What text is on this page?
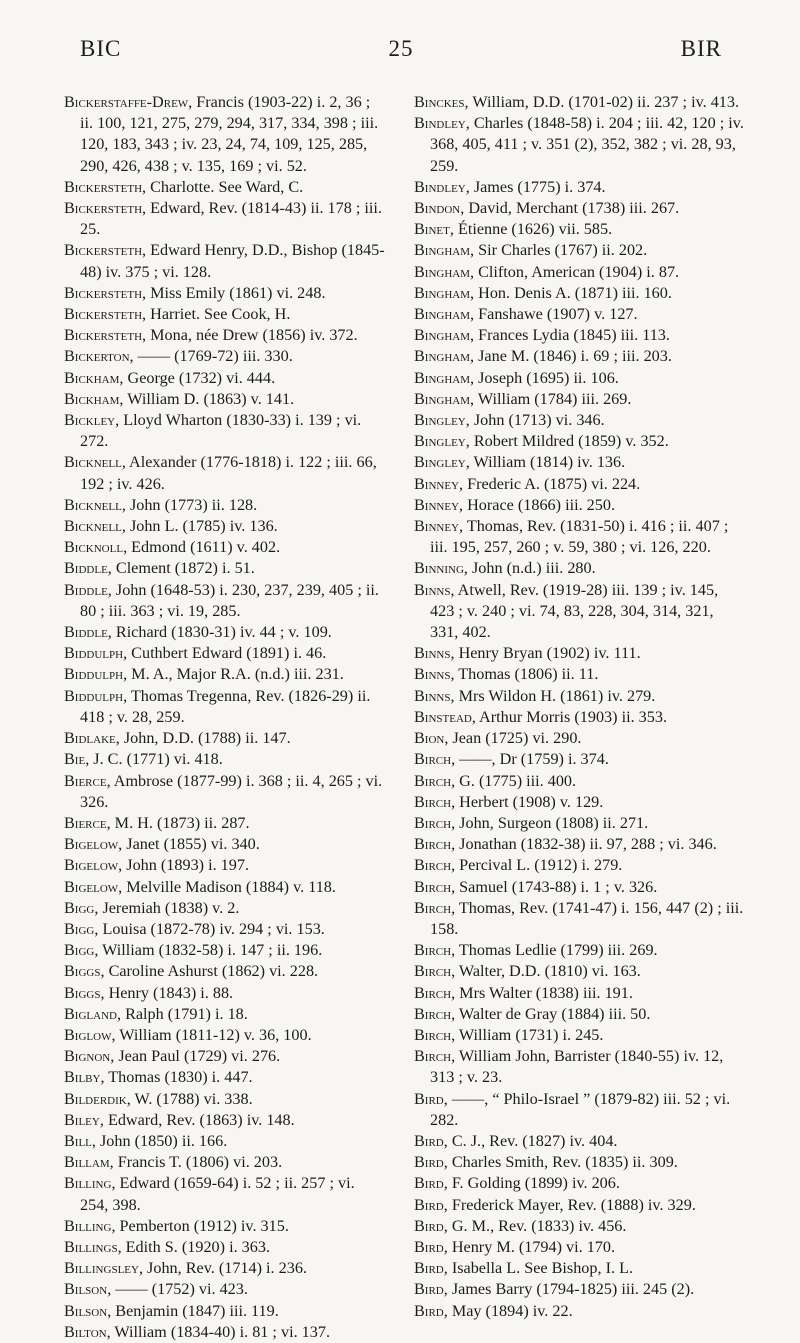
BIC	25	BIR

Bickerstaffe-Drew, Francis (1903-22) i. 2, 36 ; ii. 100, 121, 275, 279, 294, 317, 334, 398 ; iii. 120, 183, 343 ; iv. 23, 24, 74, 109, 125, 285, 290, 426, 438 ; v. 135, 169 ; vi. 52.

Bickersteth, Charlotte. See Ward, C.

Bickersteth, Edward, Rev. (1814-43) ii. 178 ; iii. 25.

Bickersteth, Edward Henry, D.D., Bishop (1845-48) iv. 375 ; vi. 128.

Bickersteth, Miss Emily (1861) vi. 248.

Bickersteth, Harriet. See Cook, H.

Bickersteth, Mona, née Drew (1856) iv. 372.

Bickerton, —— (1769-72) iii. 330.

Bickham, George (1732) vi. 444.

Bickham, William D. (1863) v. 141.

Bickley, Lloyd Wharton (1830-33) i. 139 ; vi. 272.

Bicknell, Alexander (1776-1818) i. 122 ; iii. 66, 192 ; iv. 426.

Bicknell, John (1773) ii. 128.

Bicknell, John L. (1785) iv. 136.

Bicknoll, Edmond (1611) v. 402.

Biddle, Clement (1872) i. 51.

Biddle, John (1648-53) i. 230, 237, 239, 405 ; ii. 80 ; iii. 363 ; vi. 19, 285.

Biddle, Richard (1830-31) iv. 44 ; v. 109.

Biddulph, Cuthbert Edward (1891) i. 46.

Biddulph, M. A., Major R.A. (n.d.) iii. 231.

Biddulph, Thomas Tregenna, Rev. (1826-29) ii. 418 ; v. 28, 259.

Bidlake, John, D.D. (1788) ii. 147.

Bie, J. C. (1771) vi. 418.

Bierce, Ambrose (1877-99) i. 368 ; ii. 4, 265 ; vi. 326.

Bierce, M. H. (1873) ii. 287.

Bigelow, Janet (1855) vi. 340.

Bigelow, John (1893) i. 197.

Bigelow, Melville Madison (1884) v. 118.

Bigg, Jeremiah (1838) v. 2.

Bigg, Louisa (1872-78) iv. 294 ; vi. 153.

Bigg, William (1832-58) i. 147 ; ii. 196.

Biggs, Caroline Ashurst (1862) vi. 228.

Biggs, Henry (1843) i. 88.

Bigland, Ralph (1791) i. 18.

Biglow, William (1811-12) v. 36, 100.

Bignon, Jean Paul (1729) vi. 276.

Bilby, Thomas (1830) i. 447.

Bilderdik, W. (1788) vi. 338.

Biley, Edward, Rev. (1863) iv. 148.

Bill, John (1850) ii. 166.

Billam, Francis T. (1806) vi. 203.

Billing, Edward (1659-64) i. 52 ; ii. 257 ; vi. 254, 398.

Billing, Pemberton (1912) iv. 315.

Billings, Edith S. (1920) i. 363.

Billingsley, John, Rev. (1714) i. 236.

Bilson, —— (1752) vi. 423.

Bilson, Benjamin (1847) iii. 119.

Bilton, William (1834-40) i. 81 ; vi. 137.

Binckes, William, D.D. (1701-02) ii. 237 ; iv. 413.

Bindley, Charles (1848-58) i. 204 ; iii. 42, 120 ; iv. 368, 405, 411 ; v. 351 (2), 352, 382 ; vi. 28, 93, 259.

Bindley, James (1775) i. 374.

Bindon, David, Merchant (1738) iii. 267.

Binet, Étienne (1626) vii. 585.

Bingham, Sir Charles (1767) ii. 202.

Bingham, Clifton, American (1904) i. 87.

Bingham, Hon. Denis A. (1871) iii. 160.

Bingham, Fanshawe (1907) v. 127.

Bingham, Frances Lydia (1845) iii. 113.

Bingham, Jane M. (1846) i. 69 ; iii. 203.

Bingham, Joseph (1695) ii. 106.

Bingham, William (1784) iii. 269.

Bingley, John (1713) vi. 346.

Bingley, Robert Mildred (1859) v. 352.

Bingley, William (1814) iv. 136.

Binney, Frederic A. (1875) vi. 224.

Binney, Horace (1866) iii. 250.

Binney, Thomas, Rev. (1831-50) i. 416 ; ii. 407 ; iii. 195, 257, 260 ; v. 59, 380 ; vi. 126, 220.

Binning, John (n.d.) iii. 280.

Binns, Atwell, Rev. (1919-28) iii. 139 ; iv. 145, 423 ; v. 240 ; vi. 74, 83, 228, 304, 314, 321, 331, 402.

Binns, Henry Bryan (1902) iv. 111.

Binns, Thomas (1806) ii. 11.

Binns, Mrs Wildon H. (1861) iv. 279.

Binstead, Arthur Morris (1903) ii. 353.

Bion, Jean (1725) vi. 290.

Birch, ——, Dr (1759) i. 374.

Birch, G. (1775) iii. 400.

Birch, Herbert (1908) v. 129.

Birch, John, Surgeon (1808) ii. 271.

Birch, Jonathan (1832-38) ii. 97, 288 ; vi. 346.

Birch, Percival L. (1912) i. 279.

Birch, Samuel (1743-88) i. 1 ; v. 326.

Birch, Thomas, Rev. (1741-47) i. 156, 447 (2) ; iii. 158.

Birch, Thomas Ledlie (1799) iii. 269.

Birch, Walter, D.D. (1810) vi. 163.

Birch, Mrs Walter (1838) iii. 191.

Birch, Walter de Gray (1884) iii. 50.

Birch, William (1731) i. 245.

Birch, William John, Barrister (1840-55) iv. 12, 313 ; v. 23.

Bird, ——, “ Philo-Israel ” (1879-82) iii. 52 ; vi. 282.

Bird, C. J., Rev. (1827) iv. 404.

Bird, Charles Smith, Rev. (1835) ii. 309.

Bird, F. Golding (1899) iv. 206.

Bird, Frederick Mayer, Rev. (1888) iv. 329.

Bird, G. M., Rev. (1833) iv. 456.

Bird, Henry M. (1794) vi. 170.

Bird, Isabella L. See Bishop, I. L.

Bird, James Barry (1794-1825) iii. 245 (2).

Bird, May (1894) iv. 22.
